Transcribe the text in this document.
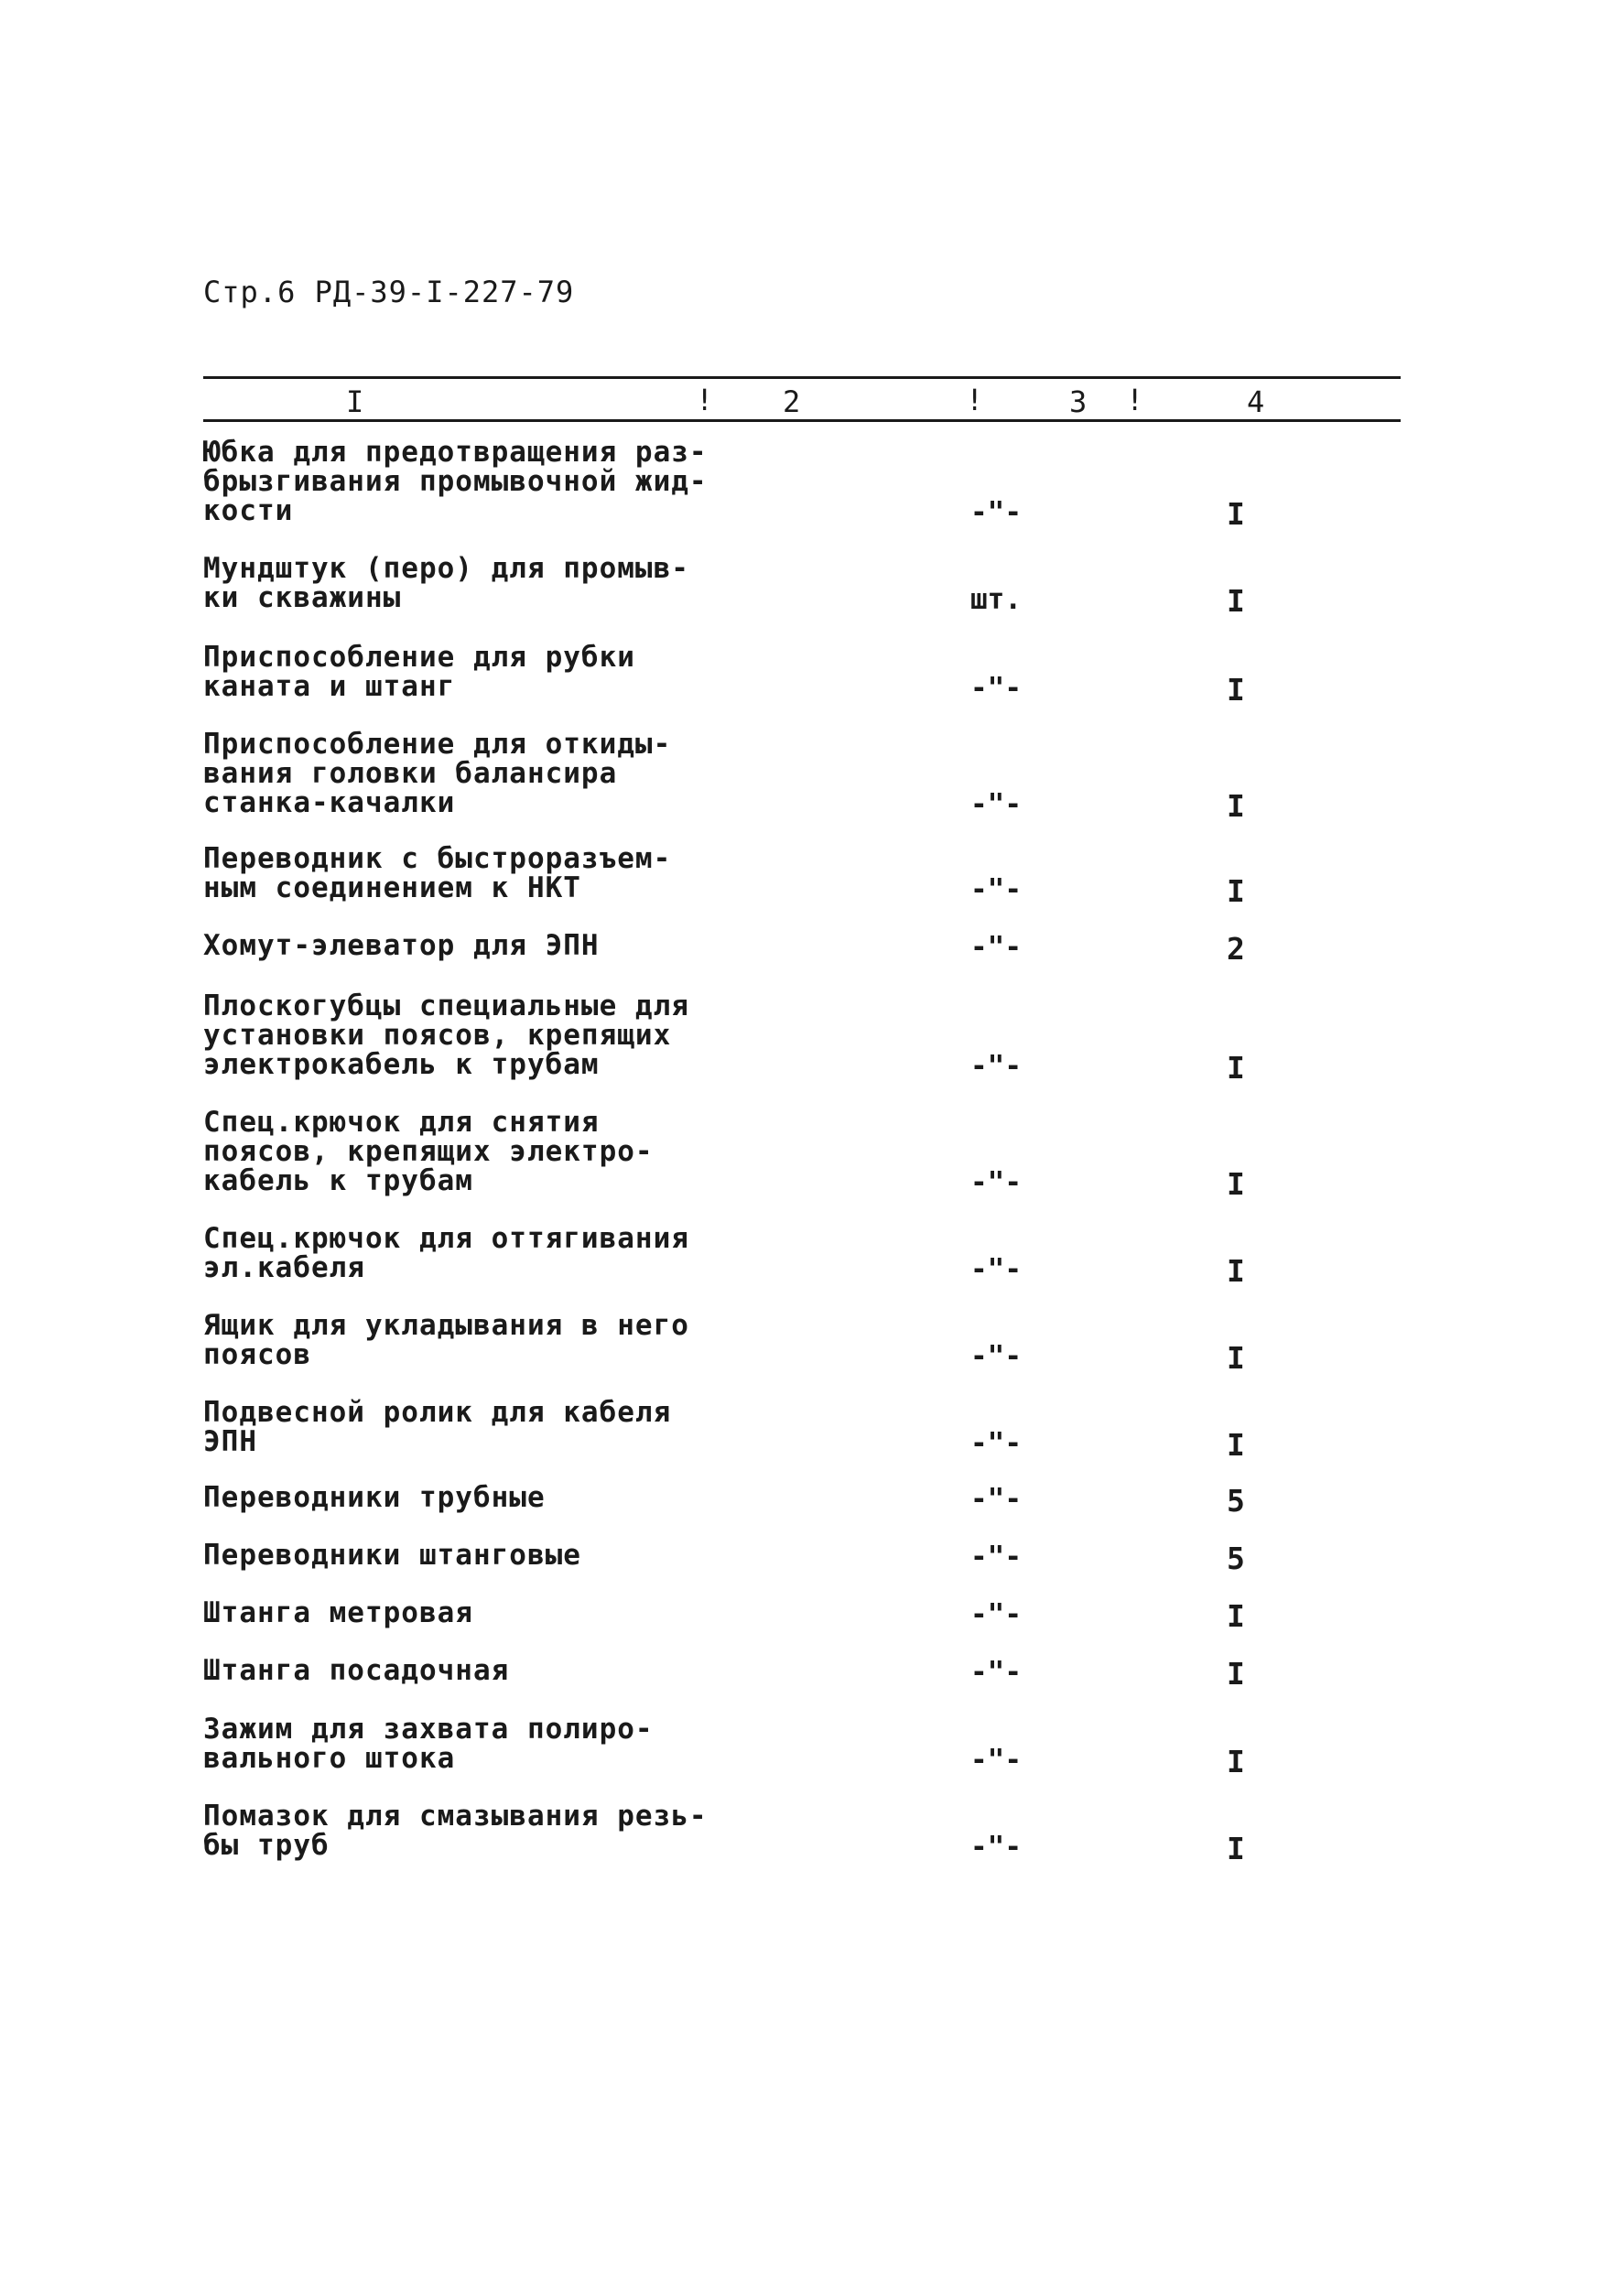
Стр.6 РД-39-I-227-79
I	! 2	!	3 !	4
Юбка для предотвращения раз-
брызгивания промывочной жид-
кости	-"-	I
Мундштук (перо) для промыв-
ки скважины	шт.	I
Приспособление для рубки
каната и штанг	-"-	I
Приспособление для откиды-
вания головки балансира
станка-качалки	-"-	I
Переводник с быстроразъем-
ным соединением к НКТ	-"-	I
Хомут-элеватор для ЭПН	-"-	2
Плоскогубцы специальные для
установки поясов, крепящих
электрокабель к трубам	-"-	I
Спец.крючок для снятия
поясов, крепящих электро-
кабель к трубам	-"-	I
Спец.крючок для оттягивания
эл.кабеля	-"-	I
Ящик для укладывания в него
поясов	-"-	I
Подвесной ролик для кабеля
ЭПН	-"-	I
Переводники трубные	-"-	5
Переводники штанговые	-"-	5
Штанга метровая	-"-	I
Штанга посадочная	-"-	I
Зажим для захвата полиро-
вального штока	-"-	I
Помазок для смазывания резь-
бы труб	-"-	I
